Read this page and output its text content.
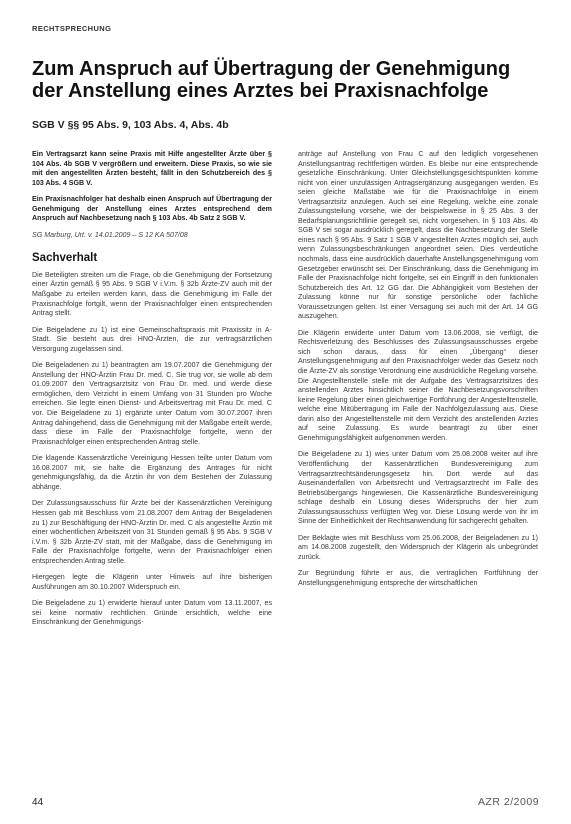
RECHTSPRECHUNG
Zum Anspruch auf Übertragung der Genehmigung der Anstellung eines Arztes bei Praxisnachfolge
SGB V §§ 95 Abs. 9, 103 Abs. 4, Abs. 4b

Ein Vertragsarzt kann seine Praxis mit Hilfe angestellter Ärzte über § 104 Abs. 4b SGB V vergrößern und erweitern. Diese Praxis, so wie sie mit den angestellten Ärzten besteht, fällt in den Schutzbereich des § 103 Abs. 4 SGB V.

Ein Praxisnachfolger hat deshalb einen Anspruch auf Übertragung der Genehmigung der Anstellung eines Arztes entsprechend dem Anspruch auf Nachbesetzung nach § 103 Abs. 4b Satz 2 SGB V.

SG Marburg, Urt. v. 14.01.2009 – S 12 KA 507/08

Sachverhalt

Die Beteiligten streiten um die Frage, ob die Genehmigung der Fortsetzung einer Ärztin gemäß § 95 Abs. 9 SGB V i.V.m. § 32b Ärzte-ZV auch mit der Maßgabe zu erteilen werden kann, dass die Genehmigung im Falle der Praxisnachfolge fortgilt, wenn der Praxisnachfolger einen entsprechenden Antrag stellt.

Die Beigeladene zu 1) ist eine Gemeinschaftspraxis mit Praxissitz in A-Stadt. Sie besteht aus drei HNO-Ärzten, die zur vertragsärztlichen Versorgung zugelassen sind.

Die Beigeladenen zu 1) beantragten am 19.07.2007 die Genehmigung der Anstellung der HNO-Ärztin Frau Dr. med. C. Sie trug vor, sie wolle ab dem 01.09.2007 den Vertragsarztsitz von Frau Dr. med. und werde diese ermöglichen, dem Verzicht in einem Umfang von 31 Stunden pro Woche erreichen. Sie legte einen Dienst- und Arbeitsvertrag mit Frau Dr. med. C vor. Die Beigeladene zu 1) ergänzte unter Datum vom 30.07.2007 ihren Antrag dahingehend, dass die Genehmigung mit der Maßgabe erteilt werde, dass diese im Falle der Praxisnachfolge fortgelte, wenn der Praxisnachfolger einen entsprechenden Antrag stelle.

Die klagende Kassenärztliche Vereinigung Hessen teilte unter Datum vom 16.08.2007 mit, sie halte die Ergänzung des Antrages für nicht genehmigungsfähig, da die Ärztin ihr von dem Bestehen der Zulassung abhänge.

Der Zulassungsausschuss für Ärzte bei der Kassenärztlichen Vereinigung Hessen gab mit Beschluss vom 21.08.2007 dem Antrag der Beigeladenen zu 1) zur Beschäftigung der HNO-Ärztin Dr. med. C als angestellte Ärztin mit einer wöchentlichen Arbeitszeit von 31 Stunden gemäß § 95 Abs. 9 SGB V i.V.m. § 32b Ärzte-ZV statt, mit der Maßgabe, dass die Genehmigung im Falle der Praxisnachfolge fortgelte, wenn der Praxisnachfolger einen entsprechenden Antrag stelle.

Hiergegen legte die Klägerin unter Hinweis auf ihre bisherigen Ausführungen am 30.10.2007 Widerspruch ein.

Die Beigeladene zu 1) erwiderte hierauf unter Datum vom 13.11.2007, es sei keine normativ rechtlichen Gründe ersichtlich, welche eine Einschränkung der Genehmigungs-

anträge auf Anstellung von Frau C auf den lediglich vorgesehenen Anstellungsantrag rechtfertigen würden. Es bleibe nur eine entsprechende gesetzliche Einschränkung. Unter Gleichstellungsgesichtspunkten komme nicht von einer unzulässigen Antragsergänzung ausgegangen werden. Es seien gleiche Maßstäbe wie für die Praxisnachfolge in einem Vertragsarztsitz anzulegen. Auch sei eine Regelung, welche eine zonale Zulassungsteilung vorsehe, wie der beispielsweise in § 25 Abs. 3 der Bedarfsplanungsrichtlinie geregelt sei, nicht vorgesehen. In § 103 Abs. 4b SGB V sei sogar ausdrücklich geregelt, dass die Nachbesetzung der Stelle eines nach § 95 Abs. 9 Satz 1 SGB V angestellten Arztes möglich sei, auch wenn Zulassungsbeschränkungen angeordnet seien. Dies verdeutliche nochmals, dass eine ausdrücklich dauerhafte Anstellungsgenehmigung vom Gesetzgeber erwünscht sei. Der Einschränkung, dass die Genehmigung im Falle der Praxisnachfolge nicht fortgelte, sei ein Eingriff in den funktionalen Schutzbereich des Art. 12 GG dar. Die Abhängigkeit vom Bestehen der Zulassung könne nur für sonstige persönliche oder fachliche Voraussetzungen gelten. Ist einer Versagung sei auch mit der Art. 14 GG auszugehen.

Die Klägerin erwiderte unter Datum vom 13.06.2008, sie verfügt, die Rechtsverletzung des Beschlusses des Zulassungsausschusses ergebe sich schon daraus, dass für einen „Übergang“ dieser Anstellungsgenehmigung auf den Praxisnachfolger weder das Gesetz noch die Ärzte-ZV als sonstige Verordnung eine ausdrückliche Regelung vorsehe. Die Angestelltenstelle stelle mit der Aufgabe des Vertragsarztsitzes des anstellenden Arztes hinsichtlich seiner die Nachbesetzungsvorschriften keine Regelung über einen gleichwertige Fortführung der Angestelltenstelle, welche eine Mitübertragung im Falle der Nachfolgezulassung aus. Diese darin also der Angestelltenstelle mit dem Verzicht des anstellenden Arztes auf seine Zulassung. Es wurde beantragt zu über einer Genehmigungsfähigkeit aufgenommen werden.

Die Beigeladene zu 1) wies unter Datum vom 25.08.2008 weiter auf ihre Veröffentlichung der Kassenärztlichen Bundesvereinigung zum Vertragsarztrechtsänderungsgesetz hin. Dort werde auf das Auseinanderfallen von Arbeitsrecht und Vertragsarztrecht im Falle des Betriebsübergangs hingewiesen. Die Kassenärztliche Bundesvereinigung schlage deshalb ein Lösung dieses Widerspruchs der hier zum Zulassungsausschuss verfügten Weg vor. Diese Lösung werde von ihr im Sinne der Einheitlichkeit der Rechtsanwendung für sachgerecht gehalten.

Der Beklagte wies mit Beschluss vom 25.06.2008, der Beigeladenen zu 1) am 14.08.2008 zugestellt, den Widerspruch der Klägerin als unbegründet zurück.

Zur Begründung führte er aus, die vertraglichen Fortführung der Anstellungsgenehmigung entspreche der wirtschaftlichen

44	AZR 2/2009
